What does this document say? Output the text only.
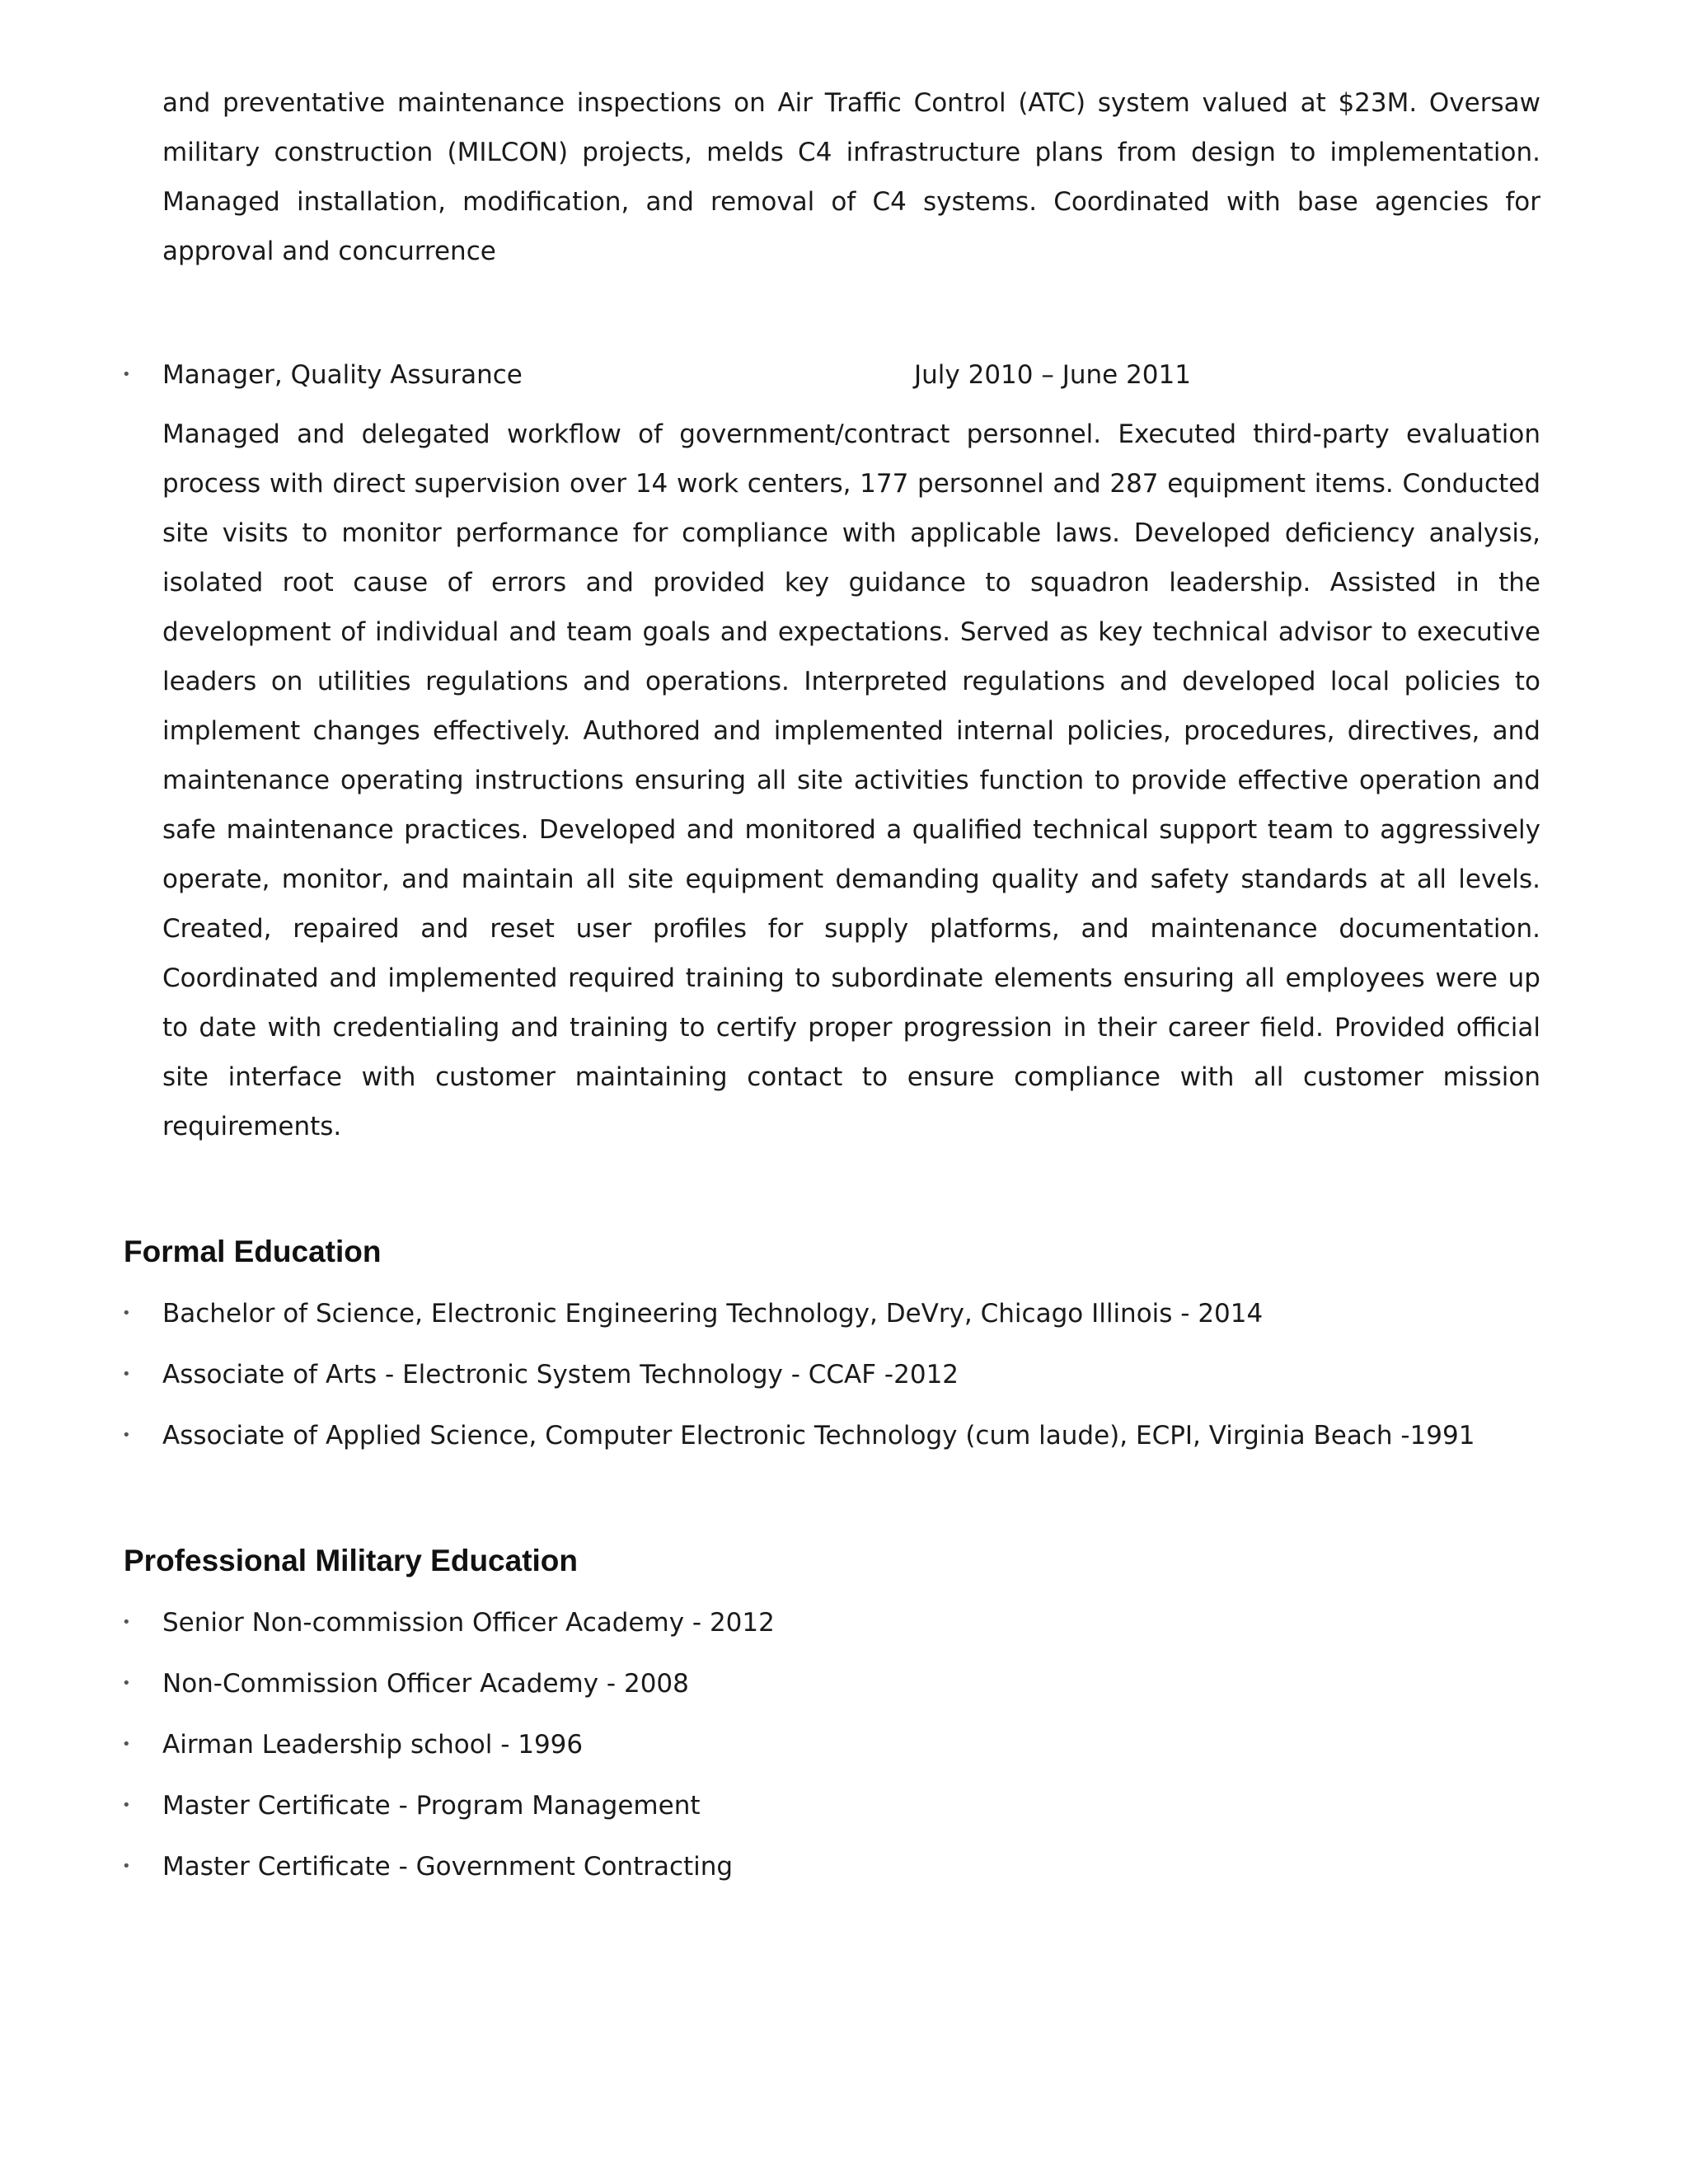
and preventative maintenance inspections on Air Traffic Control (ATC) system valued at $23M. Oversaw military construction (MILCON) projects, melds C4 infrastructure plans from design to implementation. Managed installation, modification, and removal of C4 systems. Coordinated with base agencies for approval and concurrence

•	Manager, Quality Assurance	July 2010 – June 2011

Managed and delegated workflow of government/contract personnel. Executed third-party evaluation process with direct supervision over 14 work centers, 177 personnel and 287 equipment items. Conducted site visits to monitor performance for compliance with applicable laws. Developed deficiency analysis, isolated root cause of errors and provided key guidance to squadron leadership. Assisted in the development of individual and team goals and expectations. Served as key technical advisor to executive leaders on utilities regulations and operations. Interpreted regulations and developed local policies to implement changes effectively. Authored and implemented internal policies, procedures, directives, and maintenance operating instructions ensuring all site activities function to provide effective operation and safe maintenance practices. Developed and monitored a qualified technical support team to aggressively operate, monitor, and maintain all site equipment demanding quality and safety standards at all levels. Created, repaired and reset user profiles for supply platforms, and maintenance documentation. Coordinated and implemented required training to subordinate elements ensuring all employees were up to date with credentialing and training to certify proper progression in their career field. Provided official site interface with customer maintaining contact to ensure compliance with all customer mission requirements.

Formal Education
•	Bachelor of Science, Electronic Engineering Technology, DeVry, Chicago Illinois - 2014
•	Associate of Arts - Electronic System Technology - CCAF -2012
•	Associate of Applied Science, Computer Electronic Technology (cum laude), ECPI, Virginia Beach -1991
Professional Military Education
•	Senior Non-commission Officer Academy - 2012
•	Non-Commission Officer Academy - 2008
•	Airman Leadership school - 1996
•	Master Certificate - Program Management
•	Master Certificate - Government Contracting
